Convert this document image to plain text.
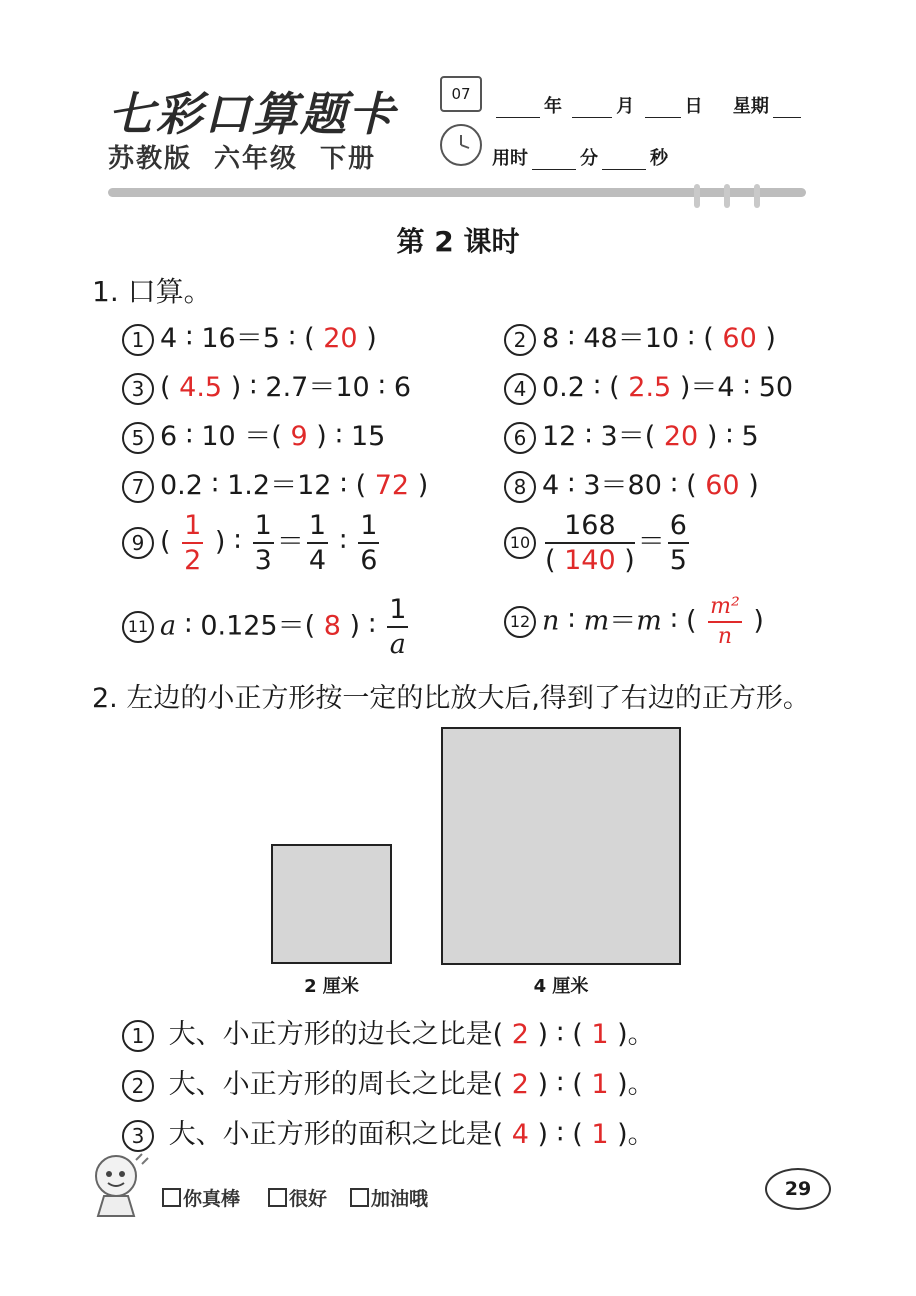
七彩口算题卡
苏教版 六年级 下册
07
年	月	日 星期
用时	分	秒
第 2 课时
1. 口算。
1 4 ∶ 16＝5 ∶ ( 20 )	2 8 ∶ 48＝10 ∶ ( 60 )
3 ( 4.5 ) ∶ 2.7＝10 ∶ 6	4 0.2 ∶ ( 2.5 )＝4 ∶ 50
5 6 ∶ 10 ＝( 9 ) ∶ 15	6 12 ∶ 3＝( 20 ) ∶ 5
7 0.2 ∶ 1.2＝12 ∶ ( 72 )	8 4 ∶ 3＝80 ∶ ( 60 )
9 ( $\frac{1}{2}$ ) ∶ $\frac{1}{3} = \frac{1}{4}$ ∶ $\frac{1}{6}$	$10 \frac{168}{( 140 )} = \frac{6}{5}$
11 a ∶ 0.125＝( 8 ) ∶ $\frac{1}{a}$	12 n ∶ m＝m ∶ ( $\frac{\text{m²}}{n}$ )
2. 左边的小正方形按一定的比放大后,得到了右边的正方形。
2 厘米	4 厘米
1 大、小正方形的边长之比是( 2 ) ∶ ( 1 )。
2 大、小正方形的周长之比是( 2 ) ∶ ( 1 )。
3 大、小正方形的面积之比是( 4 ) ∶ ( 1 )。
你真棒	很好	加油哦	29
